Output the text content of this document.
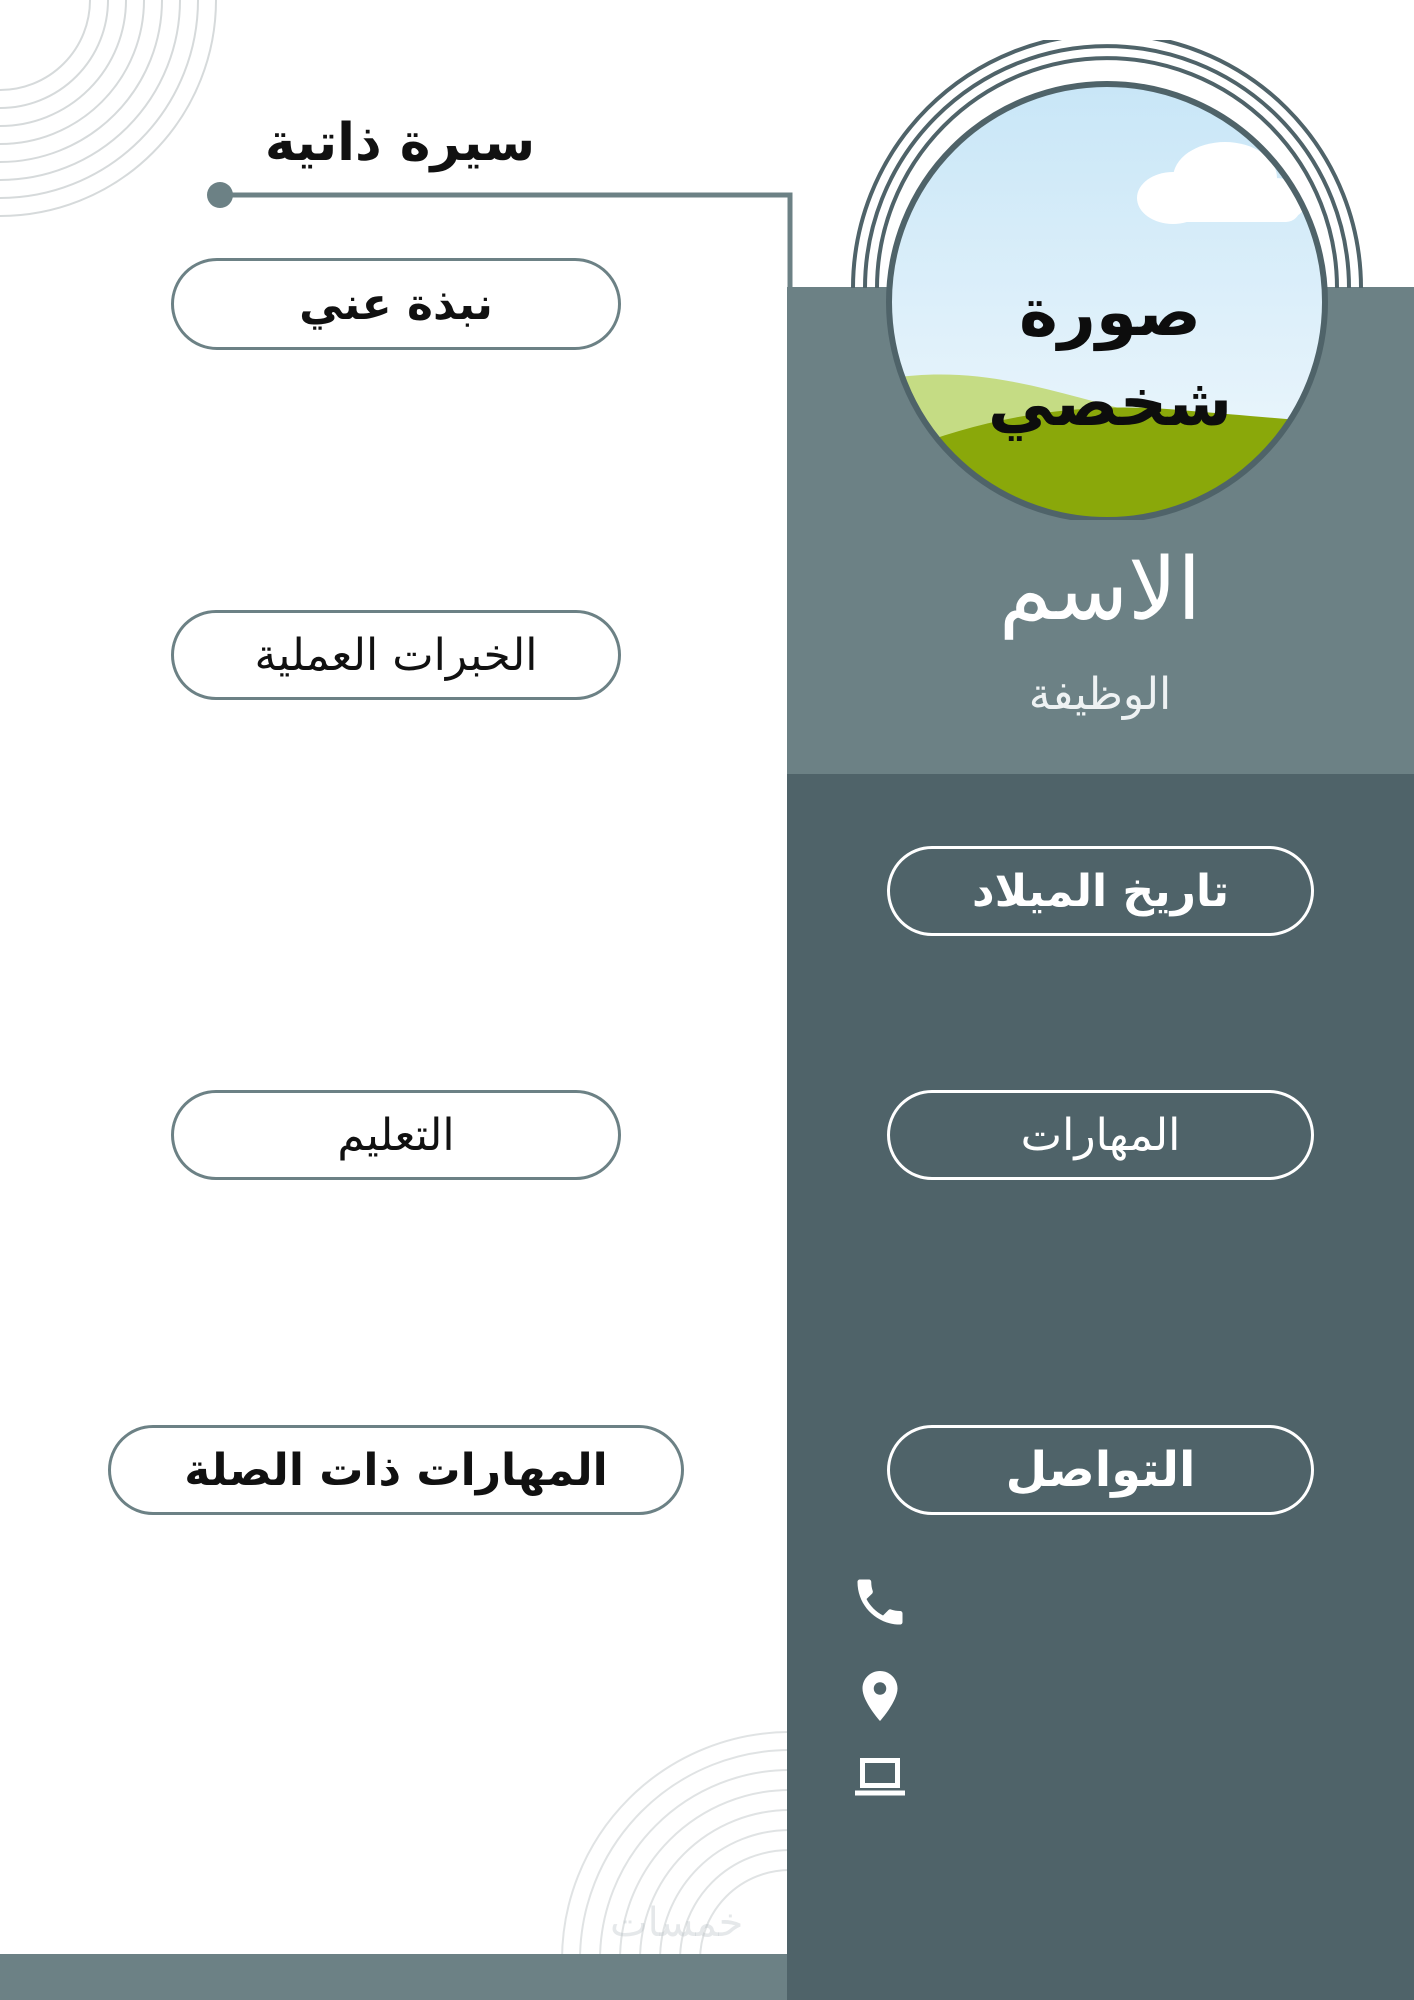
سيرة ذاتية
صورة شخصي
الاسم
الوظيفة
نبذة عني
الخبرات العملية
التعليم
المهارات ذات الصلة
تاريخ الميلاد
المهارات
التواصل
خمسات
